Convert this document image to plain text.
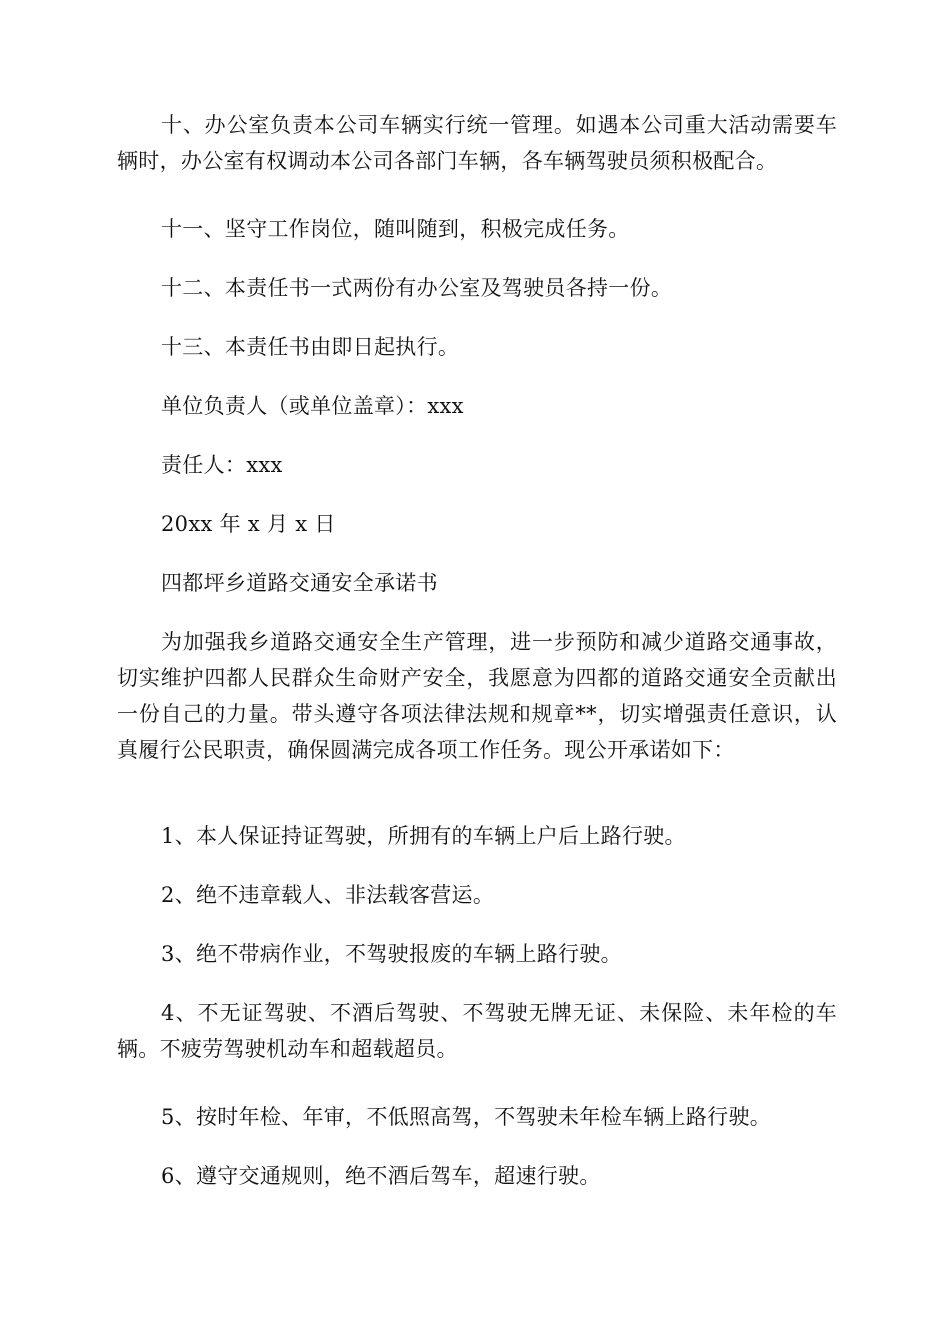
十、办公室负责本公司车辆实行统一管理。如遇本公司重大活动需要车辆时，办公室有权调动本公司各部门车辆，各车辆驾驶员须积极配合。

十一、坚守工作岗位，随叫随到，积极完成任务。

十二、本责任书一式两份有办公室及驾驶员各持一份。

十三、本责任书由即日起执行。

单位负责人（或单位盖章）：xxx

责任人：xxx

20xx 年 x 月 x 日

四都坪乡道路交通安全承诺书

为加强我乡道路交通安全生产管理，进一步预防和减少道路交通事故，切实维护四都人民群众生命财产安全，我愿意为四都的道路交通安全贡献出一份自己的力量。带头遵守各项法律法规和规章**，切实增强责任意识，认真履行公民职责，确保圆满完成各项工作任务。现公开承诺如下：

1、本人保证持证驾驶，所拥有的车辆上户后上路行驶。

2、绝不违章载人、非法载客营运。

3、绝不带病作业，不驾驶报废的车辆上路行驶。

4、不无证驾驶、不酒后驾驶、不驾驶无牌无证、未保险、未年检的车辆。不疲劳驾驶机动车和超载超员。

5、按时年检、年审，不低照高驾，不驾驶未年检车辆上路行驶。

6、遵守交通规则，绝不酒后驾车，超速行驶。
